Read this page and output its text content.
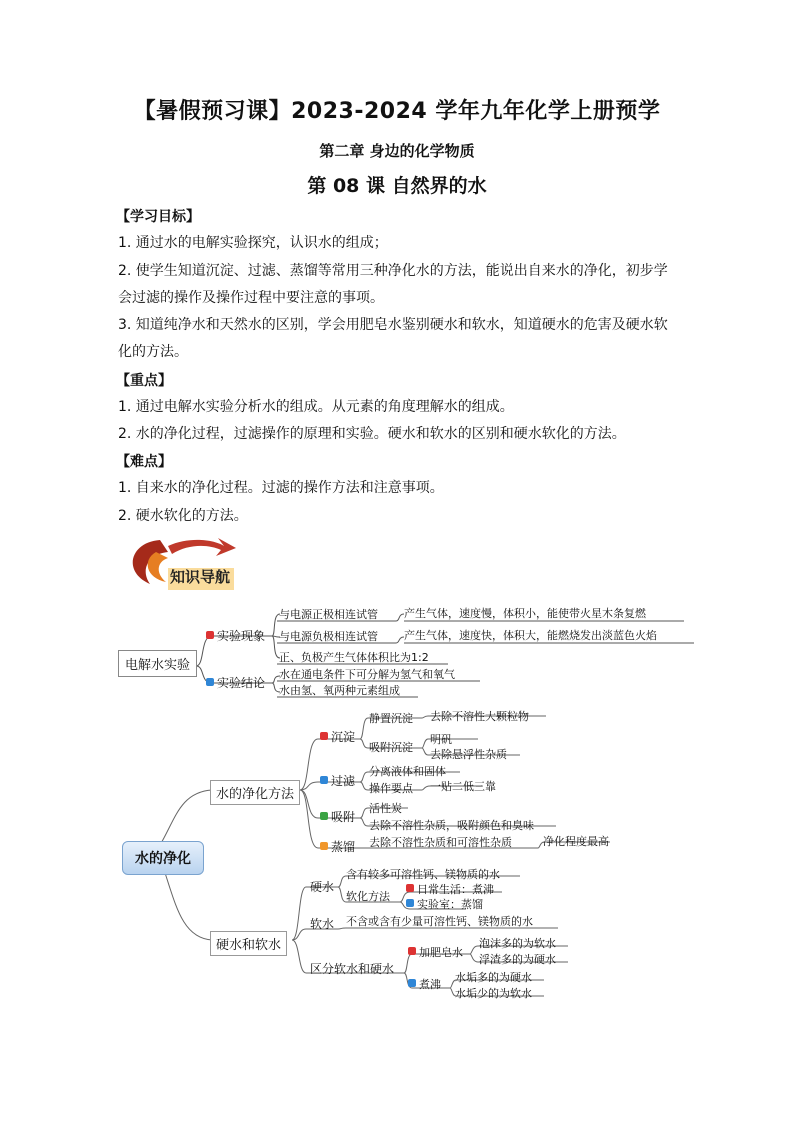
【暑假预习课】2023-2024 学年九年化学上册预学
第二章 身边的化学物质
第 08 课 自然界的水
【学习目标】
1. 通过水的电解实验探究，认识水的组成；
2. 使学生知道沉淀、过滤、蒸馏等常用三种净化水的方法，能说出自来水的净化，初步学
会过滤的操作及操作过程中要注意的事项。
3. 知道纯净水和天然水的区别，学会用肥皂水鉴别硬水和软水，知道硬水的危害及硬水软
化的方法。
【重点】
1. 通过电解水实验分析水的组成。从元素的角度理解水的组成。
2. 水的净化过程，过滤操作的原理和实验。硬水和软水的区别和硬水软化的方法。
【难点】
1. 自来水的净化过程。过滤的操作方法和注意事项。
2. 硬水软化的方法。
知识导航
电解水实验
实验现象
实验结论
与电源正极相连试管
与电源负极相连试管
正、负极产生气体体积比为1:2
产生气体，速度慢，体积小，能使带火星木条复燃
产生气体，速度快，体积大，能燃烧发出淡蓝色火焰
水在通电条件下可分解为氢气和氧气
水由氢、氧两种元素组成
水的净化
水的净化方法
硬水和软水
沉淀
过滤
吸附
蒸馏
静置沉淀
吸附沉淀
去除不溶性大颗粒物
明矾
去除悬浮性杂质
分离液体和固体
操作要点 一贴二低三靠
活性炭
去除不溶性杂质，吸附颜色和臭味
去除不溶性杂质和可溶性杂质	净化程度最高
硬水
含有较多可溶性钙、镁物质的水
软化方法
日常生活：煮沸
实验室：蒸馏
软水 不含或含有少量可溶性钙、镁物质的水
区分软水和硬水
加肥皂水
煮沸
泡沫多的为软水
浮渣多的为硬水
水垢多的为硬水
水垢少的为软水
